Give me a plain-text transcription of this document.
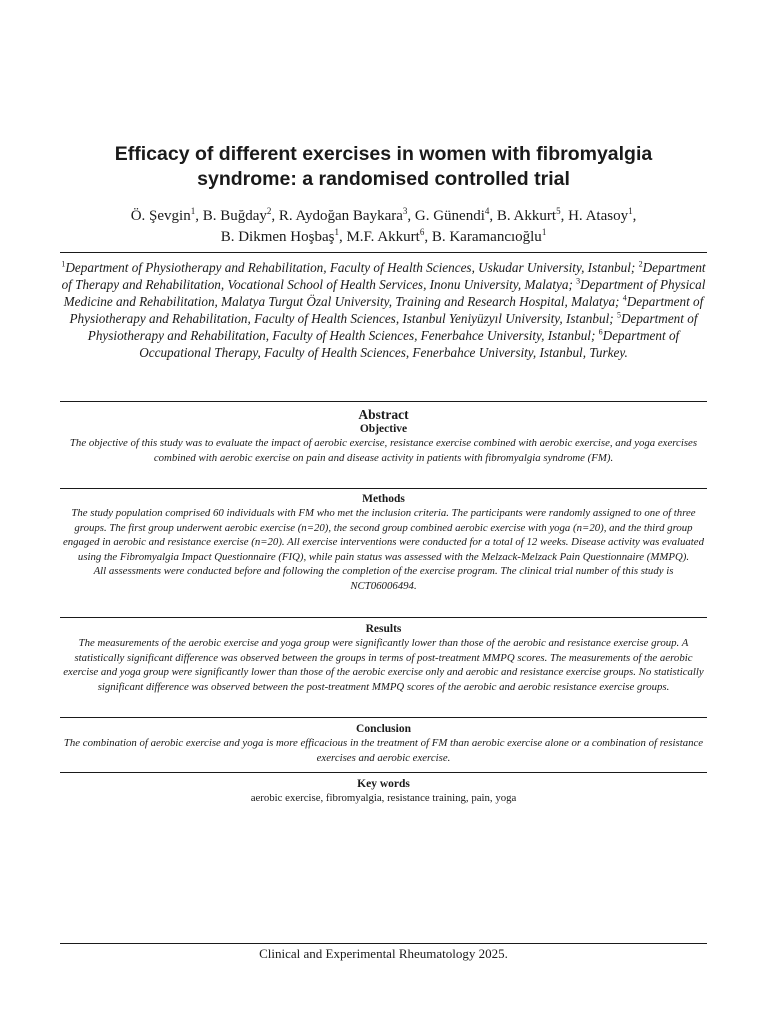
Efficacy of different exercises in women with fibromyalgia
syndrome: a randomised controlled trial
Ö. Şevgin$^1$, B. Buğday$^2$, R. Aydoğan Baykara$^3$, G. Günendi$^4$, B. Akkurt$^5$, H. Atasoy$^1$,
B. Dikmen Hoşbaş$^1$, M.F. Akkurt$^6$, B. Karamancıoğlu$^1$
$^1$Department of Physiotherapy and Rehabilitation, Faculty of Health Sciences, Uskudar University, Istanbul; $^2$Department of Therapy and Rehabilitation, Vocational School of Health Services, Inonu University, Malatya; $^3$Department of Physical Medicine and Rehabilitation, Malatya Turgut Özal University, Training and Research Hospital, Malatya; $^4$Department of Physiotherapy and Rehabilitation, Faculty of Health Sciences, Istanbul Yeniyüzyıl University, Istanbul; $^5$Department of Physiotherapy and Rehabilitation, Faculty of Health Sciences, Fenerbahce University, Istanbul; $^6$Department of Occupational Therapy, Faculty of Health Sciences, Fenerbahce University, Istanbul, Turkey.
Abstract
Objective
The objective of this study was to evaluate the impact of aerobic exercise, resistance exercise combined with aerobic exercise, and yoga exercises combined with aerobic exercise on pain and disease activity in patients with fibromyalgia syndrome (FM).
Methods
The study population comprised 60 individuals with FM who met the inclusion criteria. The participants were randomly assigned to one of three groups. The first group underwent aerobic exercise (n=20), the second group combined aerobic exercise with yoga (n=20), and the third group engaged in aerobic and resistance exercise (n=20). All exercise interventions were conducted for a total of 12 weeks. Disease activity was evaluated using the Fibromyalgia Impact Questionnaire (FIQ), while pain status was assessed with the Melzack-Melzack Pain Questionnaire (MMPQ).
All assessments were conducted before and following the completion of the exercise program. The clinical trial number of this study is NCT06006494.
Results
The measurements of the aerobic exercise and yoga group were significantly lower than those of the aerobic and resistance exercise group. A statistically significant difference was observed between the groups in terms of post-treatment MMPQ scores. The measurements of the aerobic exercise and yoga group were significantly lower than those of the aerobic exercise only and aerobic and resistance exercise groups. No statistically significant difference was observed between the post-treatment MMPQ scores of the aerobic and aerobic resistance exercise groups.
Conclusion
The combination of aerobic exercise and yoga is more efficacious in the treatment of FM than aerobic exercise alone or a combination of resistance exercises and aerobic exercise.
Key words
aerobic exercise, fibromyalgia, resistance training, pain, yoga
Clinical and Experimental Rheumatology 2025.
